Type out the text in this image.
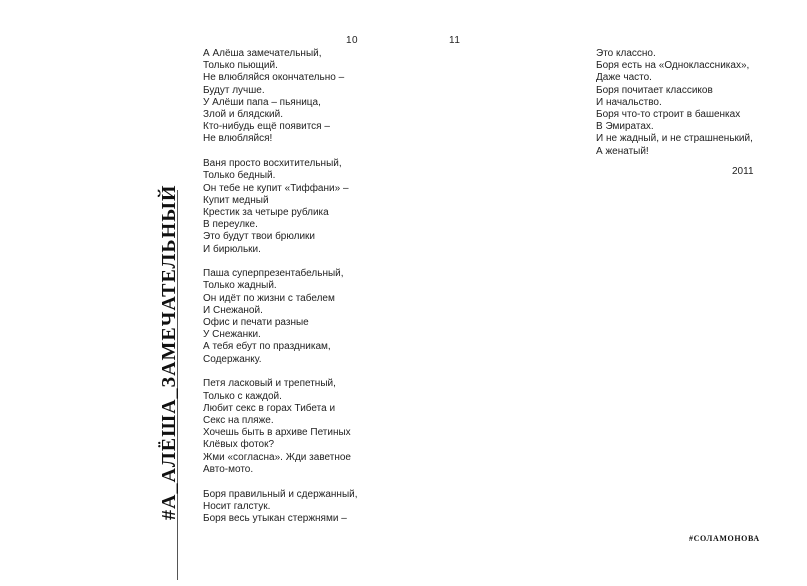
10	11
#А_АЛЁША_ЗАМЕЧАТЕЛЬНЫЙ
А Алёша замечательный,
Только пьющий.
Не влюбляйся окончательно –
Будут лучше.
У Алёши папа – пьяница,
Злой и блядский.
Кто-нибудь ещё появится –
Не влюбляйся!
Ваня просто восхитительный,
Только бедный.
Он тебе не купит «Тиффани» –
Купит медный
Крестик за четыре рублика
В переулке.
Это будут твои брюлики
И бирюльки.
Паша суперпрезентабельный,
Только жадный.
Он идёт по жизни с табелем
И Снежаной.
Офис и печати разные
У Снежанки.
А тебя ебут по праздникам,
Содержанку.
Петя ласковый и трепетный,
Только с каждой.
Любит секс в горах Тибета и
Секс на пляже.
Хочешь быть в архиве Петиных
Клёвых фоток?
Жми «согласна». Жди заветное
Авто-мото.
Боря правильный и сдержанный,
Носит галстук.
Боря весь утыкан стержнями –
Это классно.
Боря есть на «Одноклассниках»,
Даже часто.
Боря почитает классиков
И начальство.
Боря что-то строит в башенках
В Эмиратах.
И не жадный, и не страшненький,
А женатый!
2011
#СОЛАМОНОВА
